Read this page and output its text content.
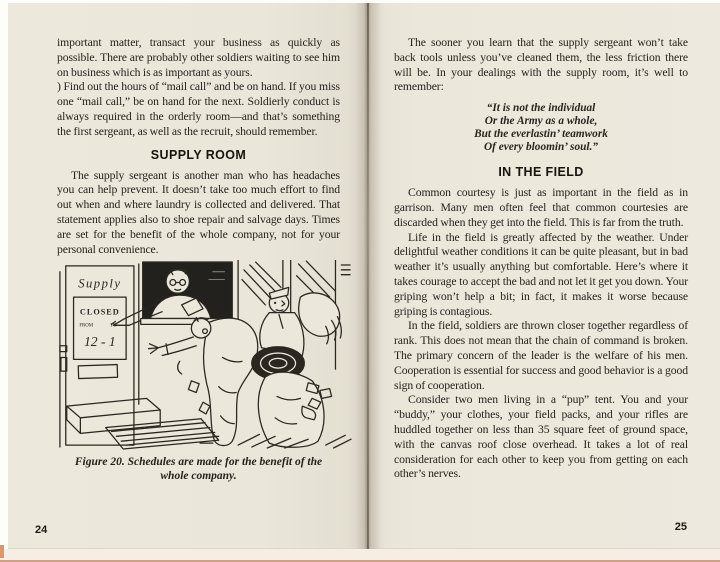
important matter, transact your business as quickly as possible. There are probably other soldiers waiting to see him on business which is as important as yours.

) Find out the hours of “mail call” and be on hand. If you miss one “mail call,” be on hand for the next. Soldierly conduct is always required in the orderly room—and that’s something the first sergeant, as well as the recruit, should remember.

SUPPLY ROOM

The supply sergeant is another man who has headaches you can help prevent. It doesn’t take too much effort to find out when and where laundry is collected and delivered. That statement applies also to shoe repair and salvage days. Times are set for the benefit of the whole company, not for your personal convenience.

Supply
CLOSED
FROM	TO
12 - 1
Figure 20. Schedules are made for the benefit of the
whole company.
24

The sooner you learn that the supply sergeant won’t take back tools unless you’ve cleaned them, the less friction there will be. In your dealings with the supply room, it’s well to remember:

“It is not the individual
Or the Army as a whole,
But the everlastin’ teamwork
Of every bloomin’ soul.”
IN THE FIELD

Common courtesy is just as important in the field as in garrison. Many men often feel that common courtesies are discarded when they get into the field. This is far from the truth.

Life in the field is greatly affected by the weather. Under delightful weather conditions it can be quite pleasant, but in bad weather it’s usually anything but comfortable. Here’s where it takes courage to accept the bad and not let it get you down. Your griping won’t help a bit; in fact, it makes it worse because griping is contagious.

In the field, soldiers are thrown closer together regardless of rank. This does not mean that the chain of command is broken. The primary concern of the leader is the welfare of his men. Cooperation is essential for success and good behavior is a good sign of cooperation.

Consider two men living in a “pup” tent. You and your “buddy,” your clothes, your field packs, and your rifles are huddled together on less than 35 square feet of ground space, with the canvas roof close overhead. It takes a lot of real consideration for each other to keep you from getting on each other’s nerves.

25
